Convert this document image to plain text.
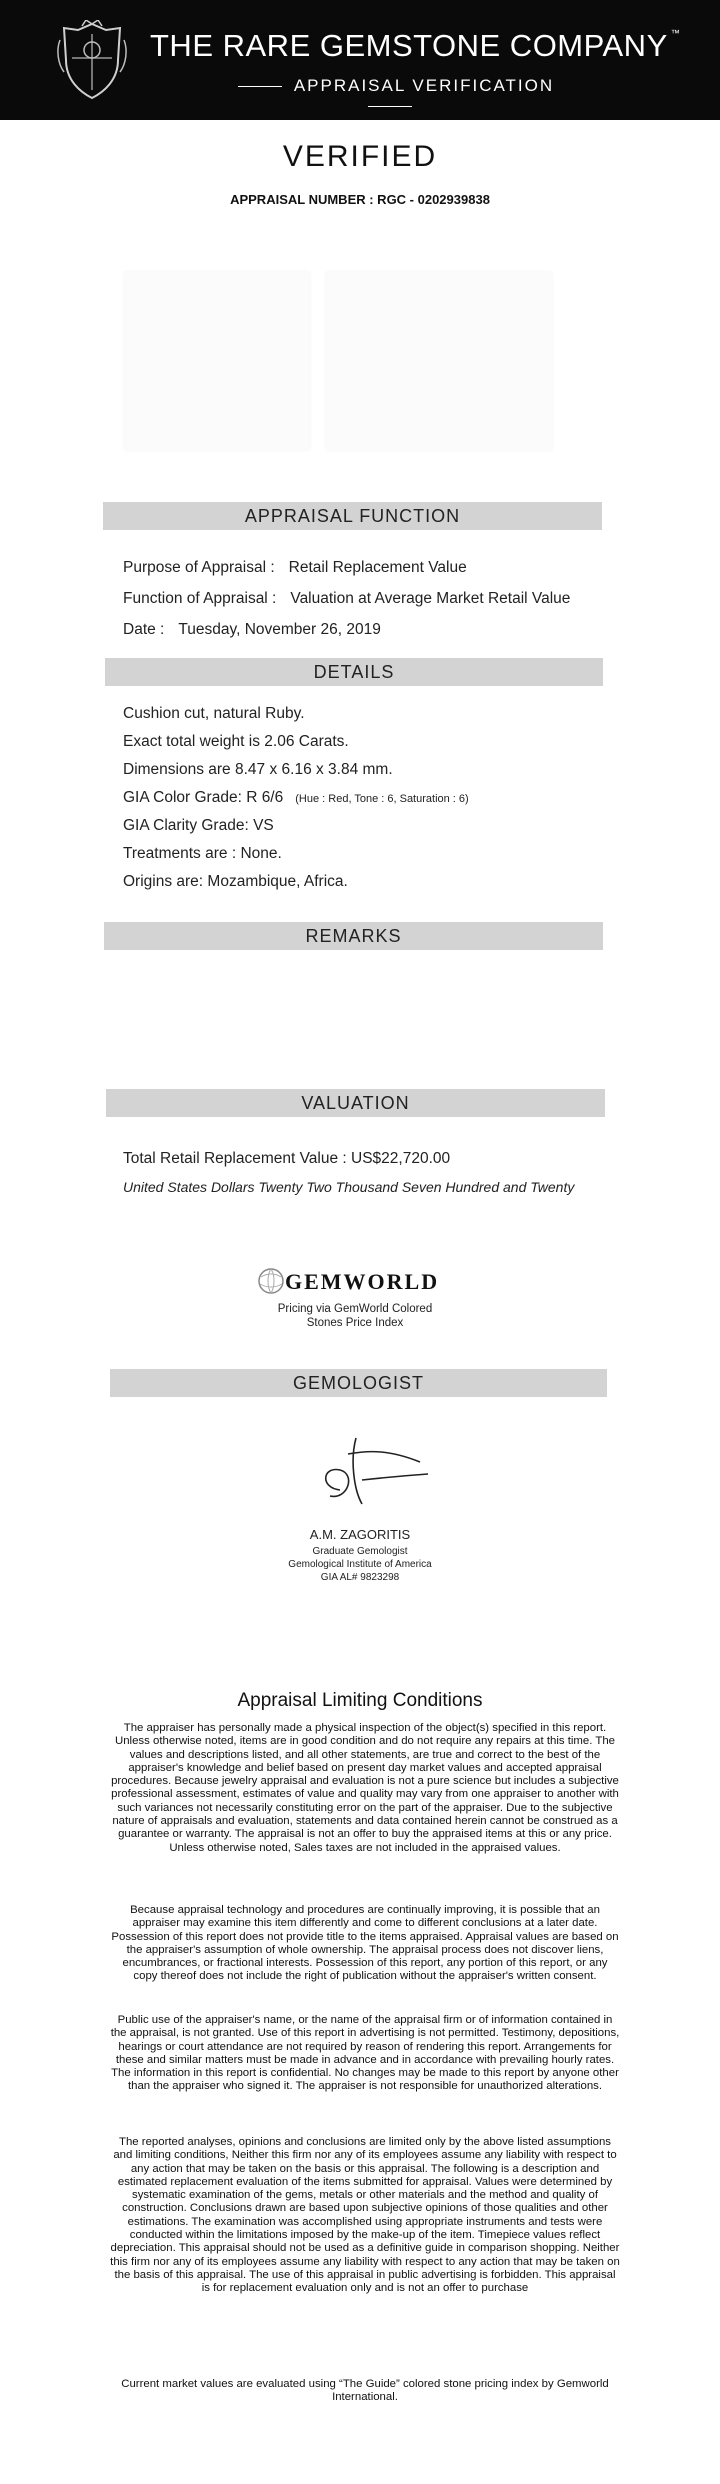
THE RARE GEMSTONE COMPANY ™
APPRAISAL VERIFICATION
VERIFIED
APPRAISAL NUMBER : RGC - 0202939838
APPRAISAL FUNCTION
Purpose of Appraisal : Retail Replacement Value
Function of Appraisal : Valuation at Average Market Retail Value
Date : Tuesday, November 26, 2019
DETAILS
Cushion cut, natural Ruby.
Exact total weight is 2.06 Carats.
Dimensions are 8.47 x 6.16 x 3.84 mm.
GIA Color Grade: R 6/6 (Hue : Red, Tone : 6, Saturation : 6)
GIA Clarity Grade: VS
Treatments are : None.
Origins are: Mozambique, Africa.
REMARKS
VALUATION
Total Retail Replacement Value : US$22,720.00
United States Dollars Twenty Two Thousand Seven Hundred and Twenty
GEMWORLD
Pricing via GemWorld Colored
Stones Price Index
GEMOLOGIST
A.M. ZAGORITIS
Graduate Gemologist
Gemological Institute of America
GIA AL# 9823298
Appraisal Limiting Conditions
The appraiser has personally made a physical inspection of the object(s) specified in this report. Unless otherwise noted, items are in good condition and do not require any repairs at this time. The values and descriptions listed, and all other statements, are true and correct to the best of the appraiser's knowledge and belief based on present day market values and accepted appraisal procedures. Because jewelry appraisal and evaluation is not a pure science but includes a subjective professional assessment, estimates of value and quality may vary from one appraiser to another with such variances not necessarily constituting error on the part of the appraiser. Due to the subjective nature of appraisals and evaluation, statements and data contained herein cannot be construed as a guarantee or warranty. The appraisal is not an offer to buy the appraised items at this or any price. Unless otherwise noted, Sales taxes are not included in the appraised values.
Because appraisal technology and procedures are continually improving, it is possible that an appraiser may examine this item differently and come to different conclusions at a later date. Possession of this report does not provide title to the items appraised. Appraisal values are based on the appraiser's assumption of whole ownership. The appraisal process does not discover liens, encumbrances, or fractional interests. Possession of this report, any portion of this report, or any copy thereof does not include the right of publication without the appraiser's written consent.
Public use of the appraiser's name, or the name of the appraisal firm or of information contained in the appraisal, is not granted. Use of this report in advertising is not permitted. Testimony, depositions, hearings or court attendance are not required by reason of rendering this report. Arrangements for these and similar matters must be made in advance and in accordance with prevailing hourly rates. The information in this report is confidential. No changes may be made to this report by anyone other than the appraiser who signed it. The appraiser is not responsible for unauthorized alterations.
The reported analyses, opinions and conclusions are limited only by the above listed assumptions and limiting conditions, Neither this firm nor any of its employees assume any liability with respect to any action that may be taken on the basis or this appraisal. The following is a description and estimated replacement evaluation of the items submitted for appraisal. Values were determined by systematic examination of the gems, metals or other materials and the method and quality of construction. Conclusions drawn are based upon subjective opinions of those qualities and other estimations. The examination was accomplished using appropriate instruments and tests were conducted within the limitations imposed by the make-up of the item. Timepiece values reflect depreciation. This appraisal should not be used as a definitive guide in comparison shopping. Neither this firm nor any of its employees assume any liability with respect to any action that may be taken on the basis of this appraisal. The use of this appraisal in public advertising is forbidden. This appraisal is for replacement evaluation only and is not an offer to purchase
Current market values are evaluated using “The Guide” colored stone pricing index by Gemworld International.
